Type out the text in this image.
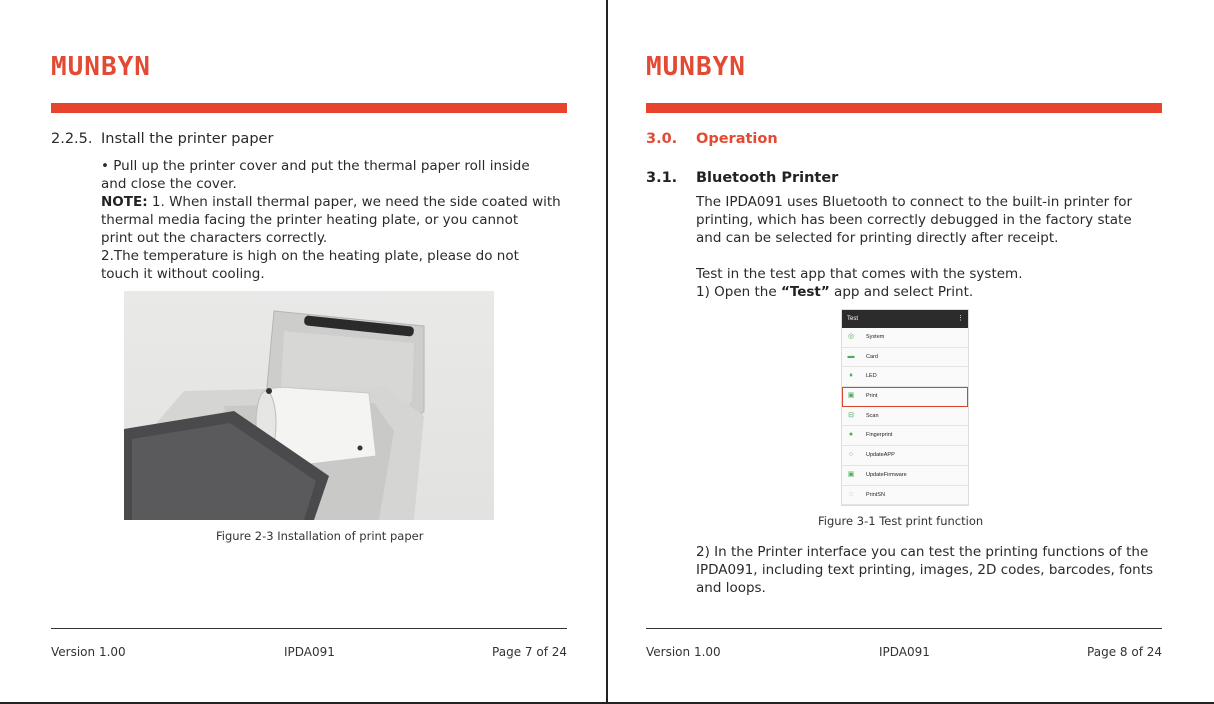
MUNBYN
2.2.5. Install the printer paper
• Pull up the printer cover and put the thermal paper roll inside
and close the cover.
NOTE: 1. When install thermal paper, we need the side coated with
thermal media facing the printer heating plate, or you cannot
print out the characters correctly.
2.The temperature is high on the heating plate, please do not
touch it without cooling.
Figure 2-3 Installation of print paper
Version 1.00	IPDA091	Page 7 of 24
MUNBYN
3.0. Operation
3.1. Bluetooth Printer
The IPDA091 uses Bluetooth to connect to the built-in printer for
printing, which has been correctly debugged in the factory state
and can be selected for printing directly after receipt.
Test in the test app that comes with the system.
1) Open the “Test” app and select Print.
Test	⋮
◎ System
▬ Card
♦	LED
▣ Print
⊟ Scan
●	Fingerprint
○	UpdateAPP
▣ UpdateFirmware
◌	PrintSN
Figure 3-1 Test print function
2) In the Printer interface you can test the printing functions of the
IPDA091, including text printing, images, 2D codes, barcodes, fonts
and loops.
Version 1.00	IPDA091	Page 8 of 24
